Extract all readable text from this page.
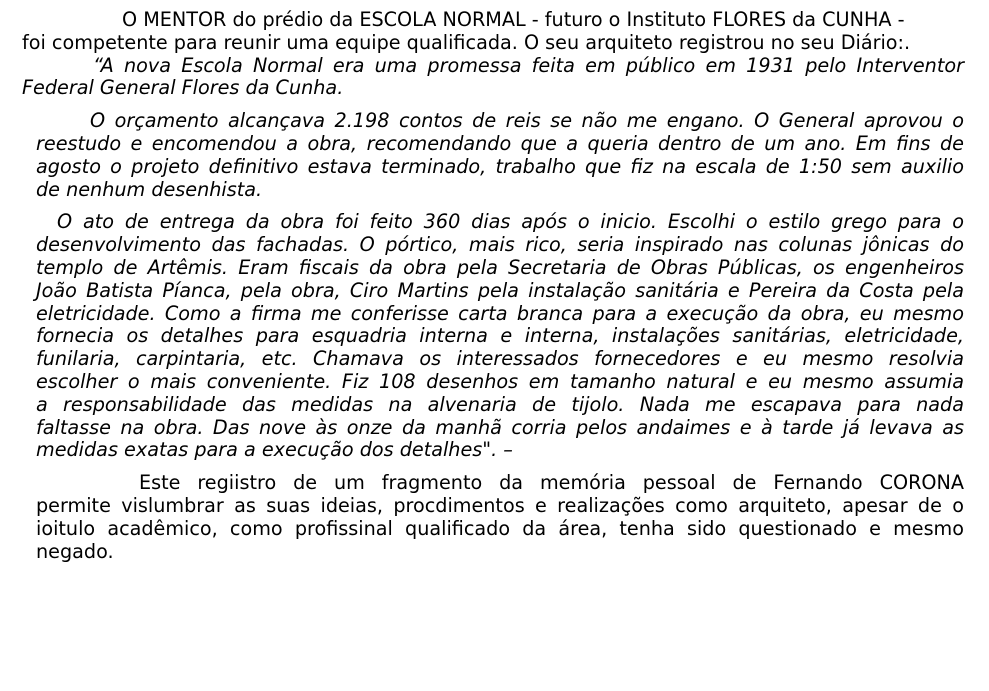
O MENTOR do prédio da ESCOLA NORMAL - futuro o Instituto FLORES da CUNHA -
foi competente para reunir uma equipe qualificada. O seu arquiteto registrou no seu Diário:.
“A nova Escola Normal era uma promessa feita em público em 1931 pelo Interventor
Federal General Flores da Cunha.
O orçamento alcançava 2.198 contos de reis se não me engano. O General aprovou o
reestudo e encomendou a obra, recomendando que a queria dentro de um ano. Em fins de
agosto o projeto definitivo estava terminado, trabalho que fiz na escala de 1:50 sem auxilio
de nenhum desenhista.
O ato de entrega da obra foi feito 360 dias após o inicio. Escolhi o estilo grego para o
desenvolvimento das fachadas. O pórtico, mais rico, seria inspirado nas colunas jônicas do
templo de Artêmis. Eram fiscais da obra pela Secretaria de Obras Públicas, os engenheiros
João Batista Píanca, pela obra, Ciro Martins pela instalação sanitária e Pereira da Costa pela
eletricidade. Como a firma me conferisse carta branca para a execução da obra, eu mesmo
fornecia os detalhes para esquadria interna e interna, instalações sanitárias, eletricidade,
funilaria, carpintaria, etc. Chamava os interessados fornecedores e eu mesmo resolvia
escolher o mais conveniente. Fiz 108 desenhos em tamanho natural e eu mesmo assumia
a responsabilidade das medidas na alvenaria de tijolo. Nada me escapava para nada
faltasse na obra. Das nove às onze da manhã corria pelos andaimes e à tarde já levava as
medidas exatas para a execução dos detalhes". –
Este regiistro de um fragmento da memória pessoal de Fernando CORONA
permite vislumbrar as suas ideias, procdimentos e realizações como arquiteto, apesar de o
ioitulo acadêmico, como profissinal qualificado da área, tenha sido questionado e mesmo
negado.
